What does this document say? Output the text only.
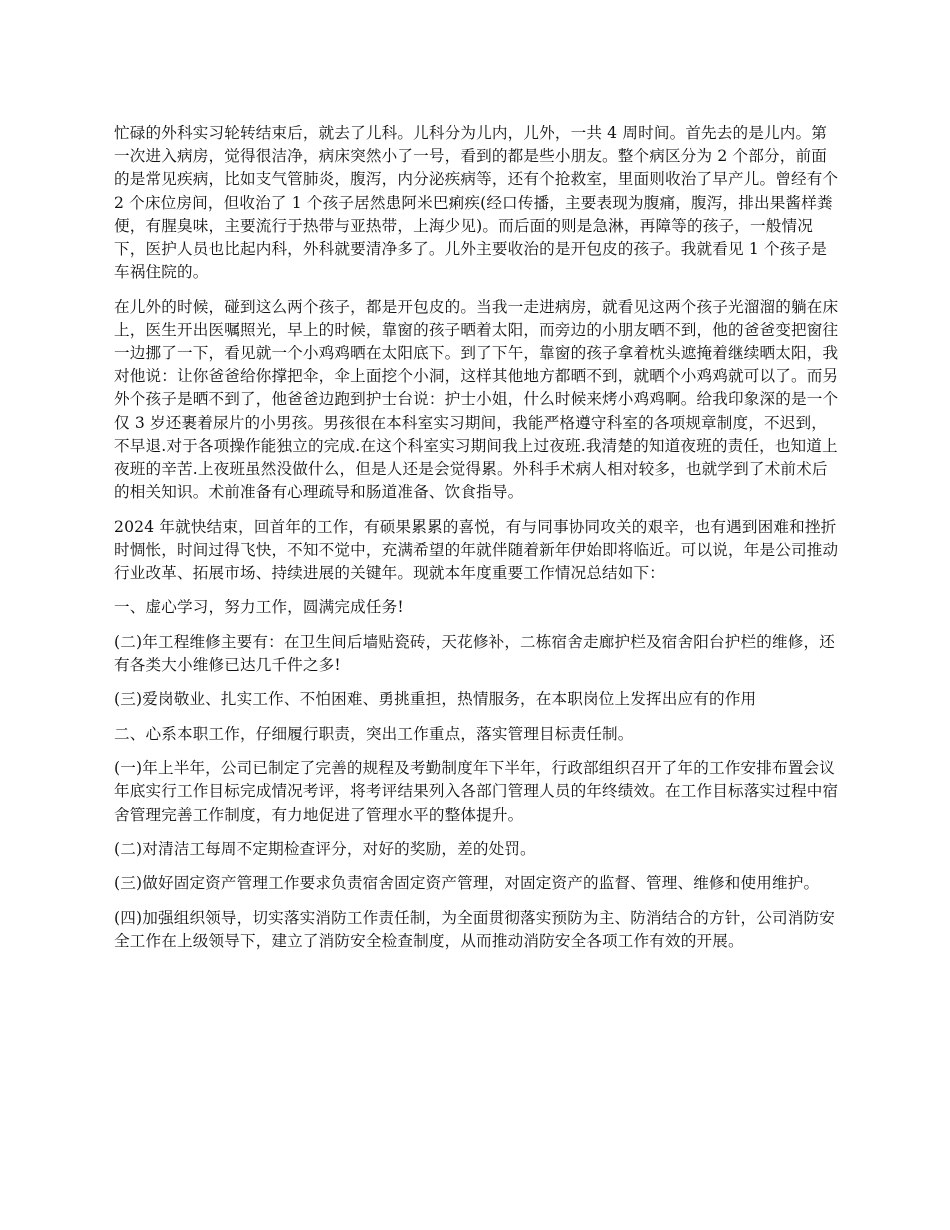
忙碌的外科实习轮转结束后，就去了儿科。儿科分为儿内，儿外，一共 4 周时间。首先去的是儿内。第一次进入病房，觉得很洁净，病床突然小了一号，看到的都是些小朋友。整个病区分为 2 个部分，前面的是常见疾病，比如支气管肺炎，腹泻，内分泌疾病等，还有个抢救室，里面则收治了早产儿。曾经有个 2 个床位房间，但收治了 1 个孩子居然患阿米巴痢疾(经口传播，主要表现为腹痛，腹泻，排出果酱样粪便，有腥臭味，主要流行于热带与亚热带，上海少见)。而后面的则是急淋，再障等的孩子，一般情况下，医护人员也比起内科，外科就要清净多了。儿外主要收治的是开包皮的孩子。我就看见 1 个孩子是车祸住院的。

在儿外的时候，碰到这么两个孩子，都是开包皮的。当我一走进病房，就看见这两个孩子光溜溜的躺在床上，医生开出医嘱照光，早上的时候，靠窗的孩子晒着太阳，而旁边的小朋友晒不到，他的爸爸变把窗往一边挪了一下，看见就一个小鸡鸡晒在太阳底下。到了下午，靠窗的孩子拿着枕头遮掩着继续晒太阳，我对他说：让你爸爸给你撑把伞，伞上面挖个小洞，这样其他地方都晒不到，就晒个小鸡鸡就可以了。而另外个孩子是晒不到了，他爸爸边跑到护士台说：护士小姐，什么时候来烤小鸡鸡啊。给我印象深的是一个仅 3 岁还裹着尿片的小男孩。男孩很在本科室实习期间，我能严格遵守科室的各项规章制度，不迟到，不早退.对于各项操作能独立的完成.在这个科室实习期间我上过夜班.我清楚的知道夜班的责任，也知道上夜班的辛苦.上夜班虽然没做什么，但是人还是会觉得累。外科手术病人相对较多，也就学到了术前术后的相关知识。术前准备有心理疏导和肠道准备、饮食指导。

2024 年就快结束，回首年的工作，有硕果累累的喜悦，有与同事协同攻关的艰辛，也有遇到困难和挫折时惆怅，时间过得飞快，不知不觉中，充满希望的年就伴随着新年伊始即将临近。可以说，年是公司推动行业改革、拓展市场、持续进展的关键年。现就本年度重要工作情况总结如下：

一、虚心学习，努力工作，圆满完成任务!

(二)年工程维修主要有：在卫生间后墙贴瓷砖，天花修补，二栋宿舍走廊护栏及宿舍阳台护栏的维修，还有各类大小维修已达几千件之多!

(三)爱岗敬业、扎实工作、不怕困难、勇挑重担，热情服务，在本职岗位上发挥出应有的作用

二、心系本职工作，仔细履行职责，突出工作重点，落实管理目标责任制。

(一)年上半年，公司已制定了完善的规程及考勤制度年下半年，行政部组织召开了年的工作安排布置会议年底实行工作目标完成情况考评，将考评结果列入各部门管理人员的年终绩效。在工作目标落实过程中宿舍管理完善工作制度，有力地促进了管理水平的整体提升。

(二)对清洁工每周不定期检查评分，对好的奖励，差的处罚。

(三)做好固定资产管理工作要求负责宿舍固定资产管理，对固定资产的监督、管理、维修和使用维护。

(四)加强组织领导，切实落实消防工作责任制，为全面贯彻落实预防为主、防消结合的方针，公司消防安全工作在上级领导下，建立了消防安全检查制度，从而推动消防安全各项工作有效的开展。
